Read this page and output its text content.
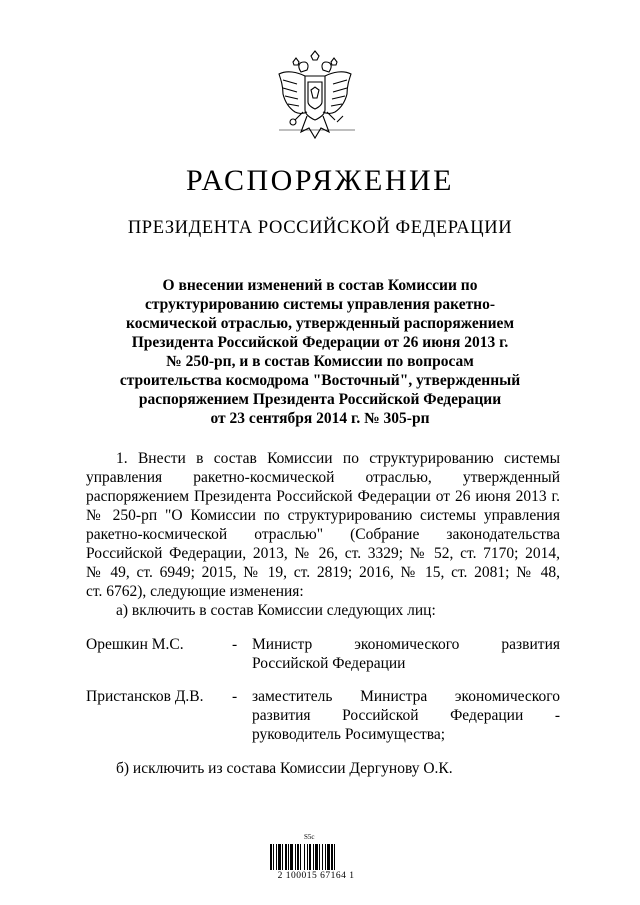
РАСПОРЯЖЕНИЕ
ПРЕЗИДЕНТА РОССИЙСКОЙ ФЕДЕРАЦИИ
О внесении изменений в состав Комиссии по
структурированию системы управления ракетно-
космической отраслью, утвержденный распоряжением
Президента Российской Федерации от 26 июня 2013 г.
№ 250-рп, и в состав Комиссии по вопросам
строительства космодрома "Восточный", утвержденный
распоряжением Президента Российской Федерации
от 23 сентября 2014 г. № 305-рп
1. Внести в состав Комиссии по структурированию системы
управления ракетно-космической отраслью, утвержденный
распоряжением Президента Российской Федерации от 26 июня 2013 г.
№ 250-рп "О Комиссии по структурированию системы управления
ракетно-космической отраслью" (Собрание законодательства
Российской Федерации, 2013, № 26, ст. 3329; № 52, ст. 7170; 2014,
№ 49, ст. 6949; 2015, № 19, ст. 2819; 2016, № 15, ст. 2081; № 48,
ст. 6762), следующие изменения:
а) включить в состав Комиссии следующих лиц:
Орешкин М.С.	- Министр экономического развития
Российской Федерации
Пристансков Д.В. - заместитель Министра экономического
развития Российской Федерации -
руководитель Росимущества;
б) исключить из состава Комиссии Дергунову О.К.
Ѕ5с
2 100015 67164 1
